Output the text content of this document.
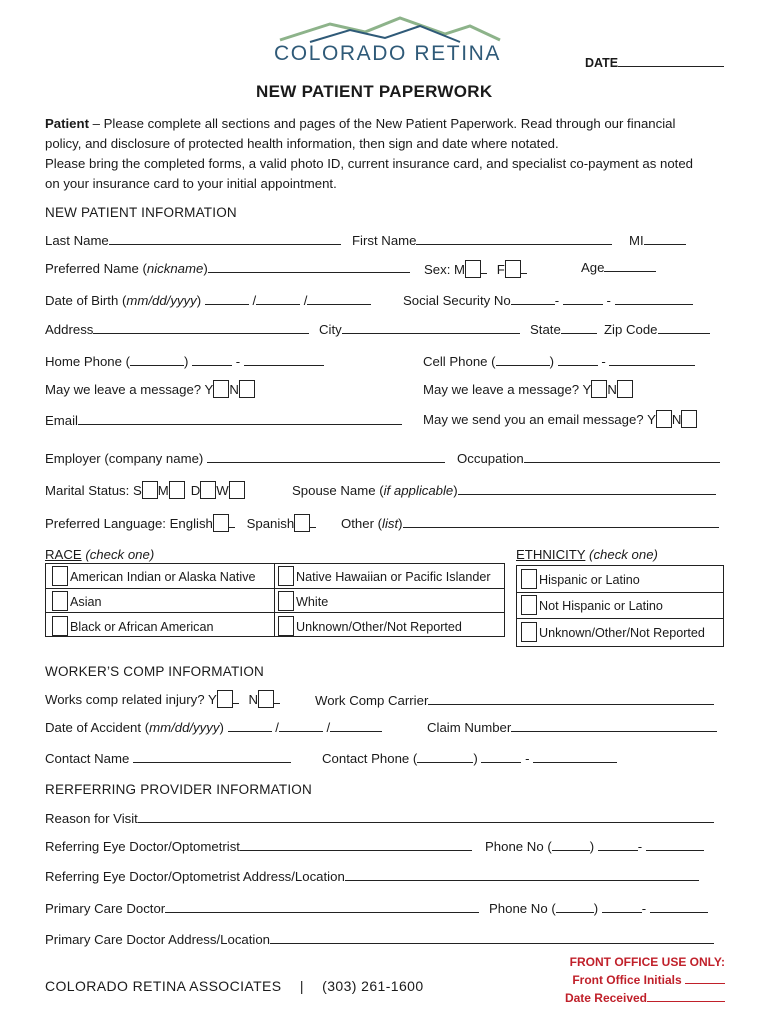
COLORADO RETINA	DATE
NEW PATIENT PAPERWORK
Patient – Please complete all sections and pages of the New Patient Paperwork. Read through our financial policy, and disclosure of protected health information, then sign and date where notated.
Please bring the completed forms, a valid photo ID, current insurance card, and specialist co-payment as noted on your insurance card to your initial appointment.
NEW PATIENT INFORMATION
Last Name	First Name	MI
Preferred Name (nickname)	Sex: M F	Age
Date of Birth (mm/dd/yyyy)	/	/	Social Security No	-	-
Address	City	State	Zip Code
Home Phone (	)	-	Cell Phone (	)	-
May we leave a message? Y N	May we leave a message? Y N
Email	May we send you an email message? Y N
Employer (company name)	Occupation
Marital Status: S M D W	Spouse Name (if applicable)
Preferred Language: English	Spanish	Other (list)
RACE (check one)
American Indian or Alaska Native	Native Hawaiian or Pacific Islander
Asian	White
Black or African American	Unknown/Other/Not Reported
ETHNICITY (check one)
Hispanic or Latino
Not Hispanic or Latino
Unknown/Other/Not Reported
WORKER’S COMP INFORMATION
Works comp related injury? Y N	Work Comp Carrier
Date of Accident (mm/dd/yyyy)	/	/	Claim Number
Contact Name	Contact Phone (	)	-
RERFERRING PROVIDER INFORMATION
Reason for Visit
Referring Eye Doctor/Optometrist	Phone No (	)	-
Referring Eye Doctor/Optometrist Address/Location
Primary Care Doctor	Phone No (	)	-
Primary Care Doctor Address/Location
COLORADO RETINA ASSOCIATES | (303) 261-1600
FRONT OFFICE USE ONLY:
Front Office Initials
Date Received
